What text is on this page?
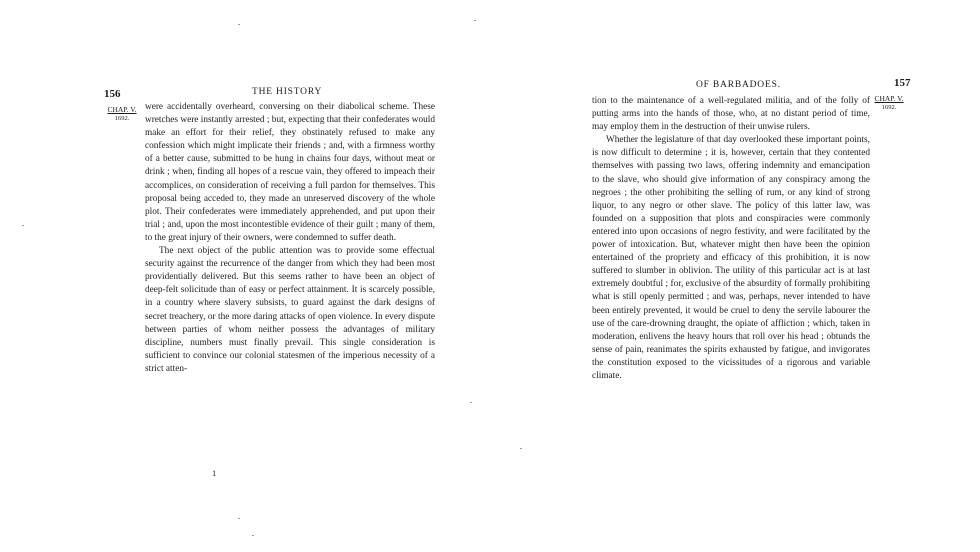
156	THE HISTORY
CHAP. V.
1692.

were accidentally overheard, conversing on their diabolical scheme. These wretches were instantly arrested ; but, expecting that their confederates would make an effort for their relief, they obstinately refused to make any confession which might implicate their friends ; and, with a firmness worthy of a better cause, submitted to be hung in chains four days, without meat or drink ; when, finding all hopes of a rescue vain, they offered to impeach their accomplices, on consideration of receiving a full pardon for themselves. This proposal being acceded to, they made an unreserved discovery of the whole plot. Their confederates were immediately apprehended, and put upon their trial ; and, upon the most incontestible evidence of their guilt ; many of them, to the great injury of their owners, were condemned to suffer death.

The next object of the public attention was to provide some effectual security against the recurrence of the danger from which they had been most providentially delivered. But this seems rather to have been an object of deep-felt solicitude than of easy or perfect attainment. It is scarcely possible, in a country where slavery subsists, to guard against the dark designs of secret treachery, or the more daring attacks of open violence. In every dispute between parties of whom neither possess the advantages of military discipline, numbers must finally prevail. This single consideration is sufficient to convince our colonial statesmen of the imperious necessity of a strict atten-

1
157
OF BARBADOES.
CHAP. V.
1692.

tion to the maintenance of a well-regulated militia, and of the folly of putting arms into the hands of those, who, at no distant period of time, may employ them in the destruction of their unwise rulers.

Whether the legislature of that day overlooked these important points, is now difficult to determine ; it is, however, certain that they contented themselves with passing two laws, offering indemnity and emancipation to the slave, who should give information of any conspiracy among the negroes ; the other prohibiting the selling of rum, or any kind of strong liquor, to any negro or other slave. The policy of this latter law, was founded on a supposition that plots and conspiracies were commonly entered into upon occasions of negro festivity, and were facilitated by the power of intoxication. But, whatever might then have been the opinion entertained of the propriety and efficacy of this prohibition, it is now suffered to slumber in oblivion. The utility of this particular act is at last extremely doubtful ; for, exclusive of the absurdity of formally prohibiting what is still openly permitted ; and was, perhaps, never intended to have been entirely prevented, it would be cruel to deny the servile labourer the use of the care-drowning draught, the opiate of affliction ; which, taken in moderation, enlivens the heavy hours that roll over his head ; obtunds the sense of pain, reanimates the spirits exhausted by fatigue, and invigorates the constitution exposed to the vicissitudes of a rigorous and variable climate.
